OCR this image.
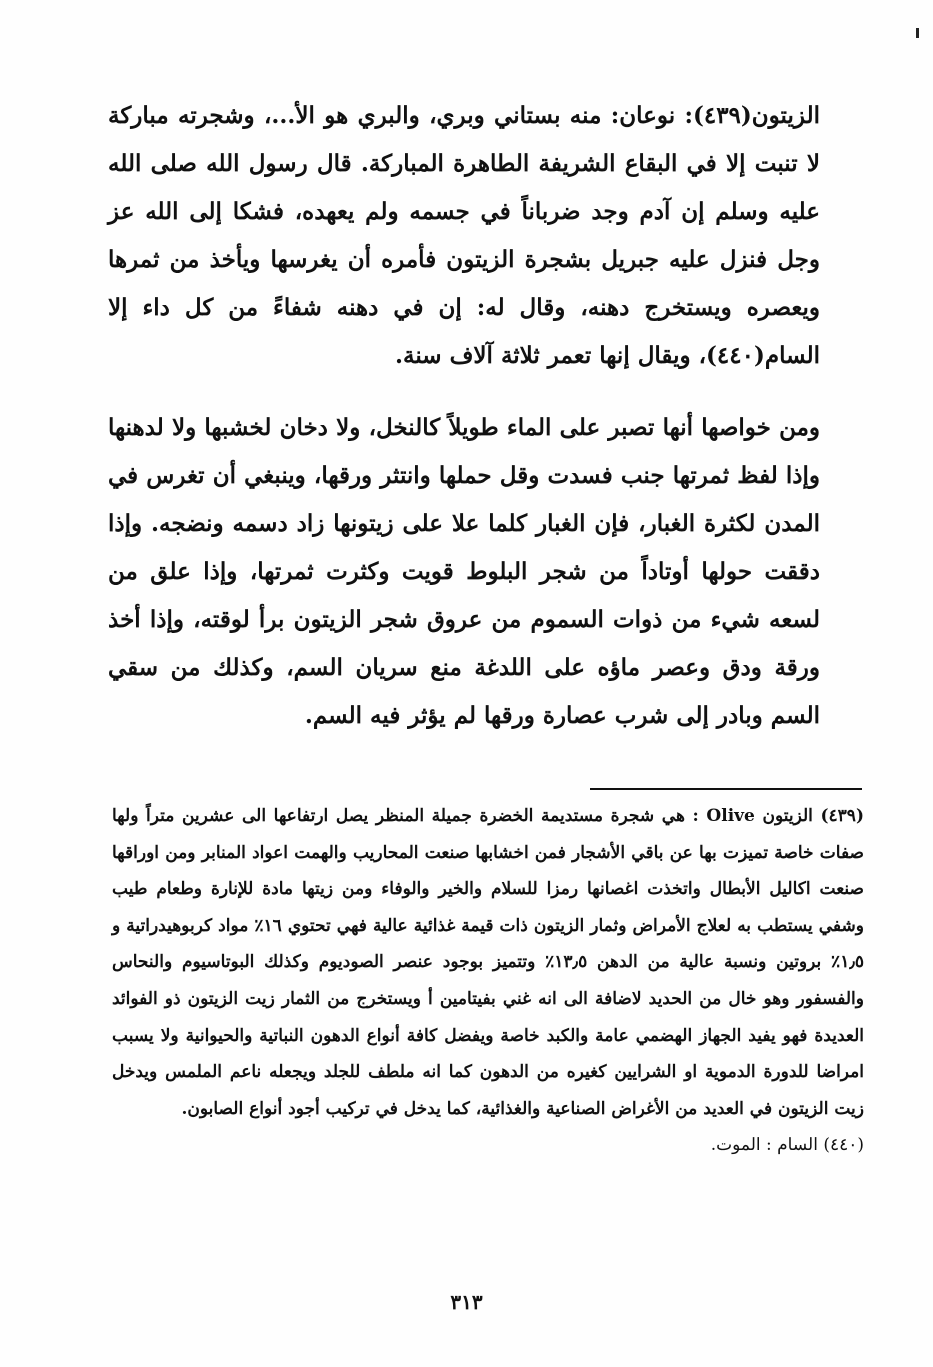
الزيتون(٤٣٩): نوعان: منه بستاني وبري، والبري هو الأ...، وشجرته مباركة لا تنبت إلا في البقاع الشريفة الطاهرة المباركة. قال رسول الله صلى الله عليه وسلم إن آدم وجد ضرباناً في جسمه ولم يعهده، فشكا إلى الله عز وجل فنزل عليه جبريل بشجرة الزيتون فأمره أن يغرسها ويأخذ من ثمرها ويعصره ويستخرج دهنه، وقال له: إن في دهنه شفاءً من كل داء إلا السام(٤٤٠)، ويقال إنها تعمر ثلاثة آلاف سنة.

ومن خواصها أنها تصبر على الماء طويلاً كالنخل، ولا دخان لخشبها ولا لدهنها وإذا لفظ ثمرتها جنب فسدت وقل حملها وانتثر ورقها، وينبغي أن تغرس في المدن لكثرة الغبار، فإن الغبار كلما علا على زيتونها زاد دسمه ونضجه. وإذا دققت حولها أوتاداً من شجر البلوط قويت وكثرت ثمرتها، وإذا علق من لسعه شيء من ذوات السموم من عروق شجر الزيتون برأ لوقته، وإذا أخذ ورقة ودق وعصر ماؤه على اللدغة منع سريان السم، وكذلك من سقي السم وبادر إلى شرب عصارة ورقها لم يؤثر فيه السم.

(٤٣٩) الزيتون Olive : هي شجرة مستديمة الخضرة جميلة المنظر يصل ارتفاعها الى عشرين متراً ولها صفات خاصة تميزت بها عن باقي الأشجار فمن اخشابها صنعت المحاريب والهمت اعواد المنابر ومن اوراقها صنعت اكاليل الأبطال واتخذت اغصانها رمزا للسلام والخير والوفاء ومن زيتها مادة للإنارة وطعام طيب وشفي يستطب به لعلاج الأمراض وثمار الزيتون ذات قيمة غذائية عالية فهي تحتوي ١٦٪ مواد كربوهيدراتية و ١٫٥٪ بروتين ونسبة عالية من الدهن ١٣٫٥٪ وتتميز بوجود عنصر الصوديوم وكذلك البوتاسيوم والنحاس والفسفور وهو خال من الحديد لاضافة الى انه غني بفيتامين أ ويستخرج من الثمار زيت الزيتون ذو الفوائد العديدة فهو يفيد الجهاز الهضمي عامة والكبد خاصة ويفضل كافة أنواع الدهون النباتية والحيوانية ولا يسبب امراضا للدورة الدموية او الشرايين كغيره من الدهون كما انه ملطف للجلد ويجعله ناعم الملمس ويدخل زيت الزيتون في العديد من الأغراض الصناعية والغذائية، كما يدخل في تركيب أجود أنواع الصابون.

(٤٤٠) السام : الموت.

٣١٣
